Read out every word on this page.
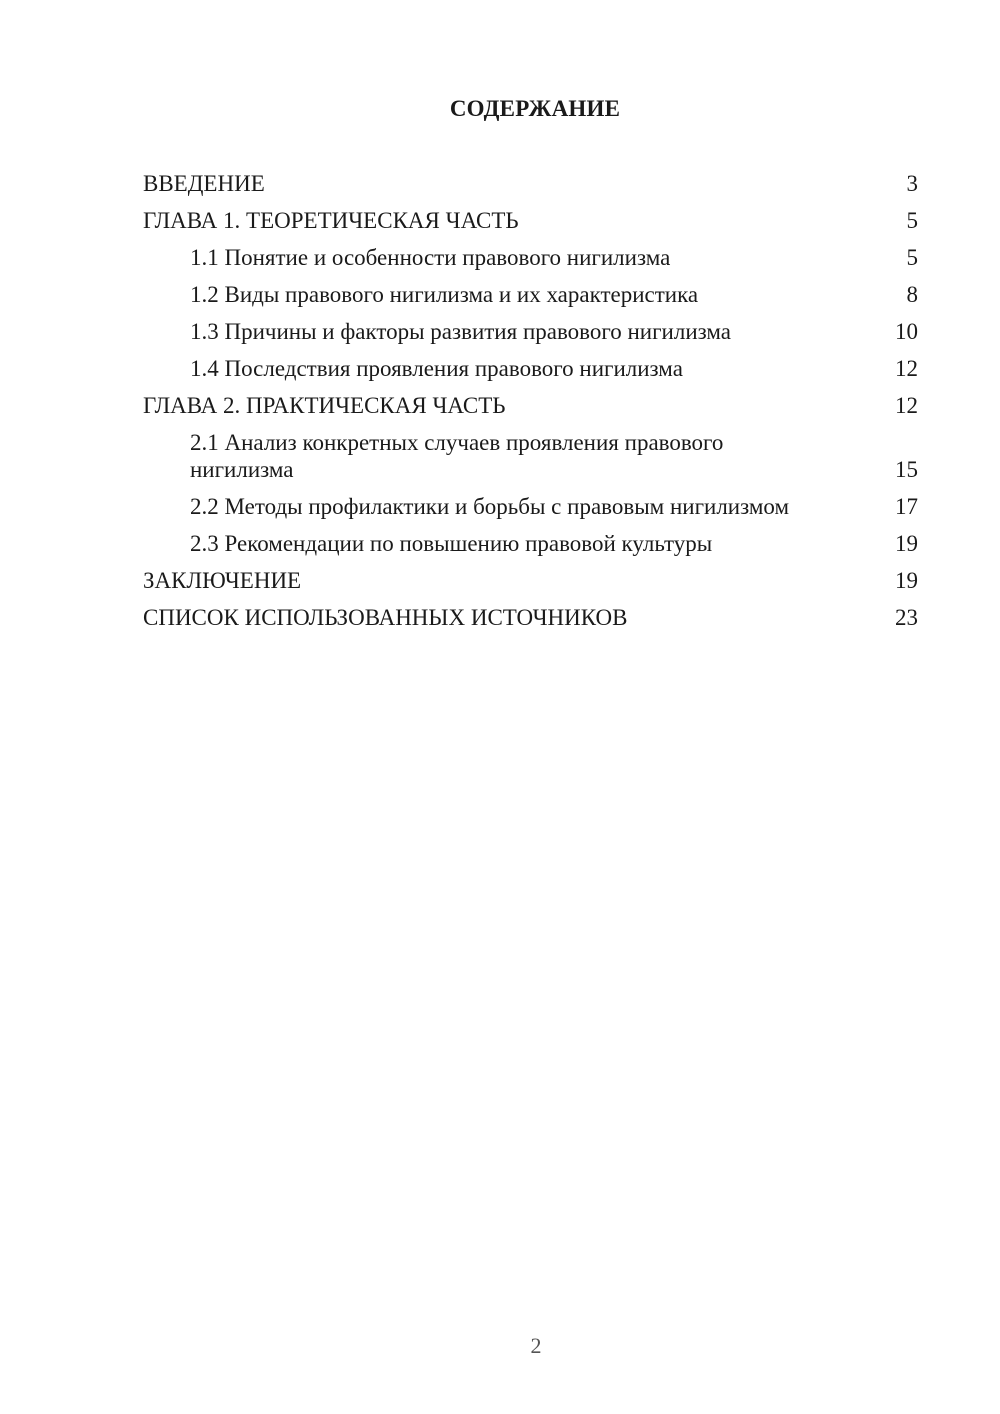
СОДЕРЖАНИЕ
ВВЕДЕНИЕ	3
ГЛАВА 1. ТЕОРЕТИЧЕСКАЯ ЧАСТЬ	5
1.1 Понятие и особенности правового нигилизма	5
1.2 Виды правового нигилизма и их характеристика	8
1.3 Причины и факторы развития правового нигилизма	10
1.4 Последствия проявления правового нигилизма	12
ГЛАВА 2. ПРАКТИЧЕСКАЯ ЧАСТЬ	12
2.1 Анализ конкретных случаев проявления правового нигилизма	15
2.2 Методы профилактики и борьбы с правовым нигилизмом	17
2.3 Рекомендации по повышению правовой культуры	19
ЗАКЛЮЧЕНИЕ	19
СПИСОК ИСПОЛЬЗОВАННЫХ ИСТОЧНИКОВ	23
2
